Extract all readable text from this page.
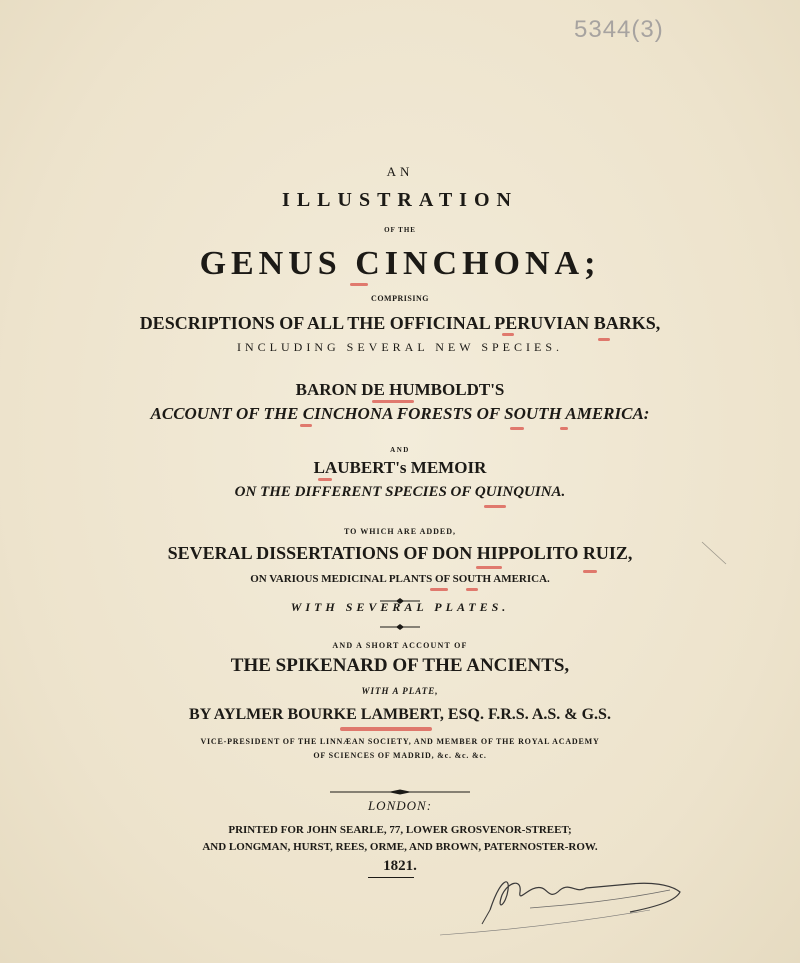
5344(3)
AN
ILLUSTRATION
OF THE
GENUS CINCHONA;
COMPRISING
DESCRIPTIONS OF ALL THE OFFICINAL PERUVIAN BARKS,
INCLUDING SEVERAL NEW SPECIES.
BARON DE HUMBOLDT'S
ACCOUNT OF THE CINCHONA FORESTS OF SOUTH AMERICA:
AND
LAUBERT's MEMOIR
ON THE DIFFERENT SPECIES OF QUINQUINA.
TO WHICH ARE ADDED,
SEVERAL DISSERTATIONS OF DON HIPPOLITO RUIZ,
ON VARIOUS MEDICINAL PLANTS OF SOUTH AMERICA.
WITH SEVERAL PLATES.
AND A SHORT ACCOUNT OF
THE SPIKENARD OF THE ANCIENTS,
WITH A PLATE,
BY AYLMER BOURKE LAMBERT, ESQ. F.R.S. A.S. & G.S.
VICE-PRESIDENT OF THE LINNÆAN SOCIETY, AND MEMBER OF THE ROYAL ACADEMY
OF SCIENCES OF MADRID, &c. &c. &c.
LONDON:
PRINTED FOR JOHN SEARLE, 77, LOWER GROSVENOR-STREET;
AND LONGMAN, HURST, REES, ORME, AND BROWN, PATERNOSTER-ROW.
1821.
